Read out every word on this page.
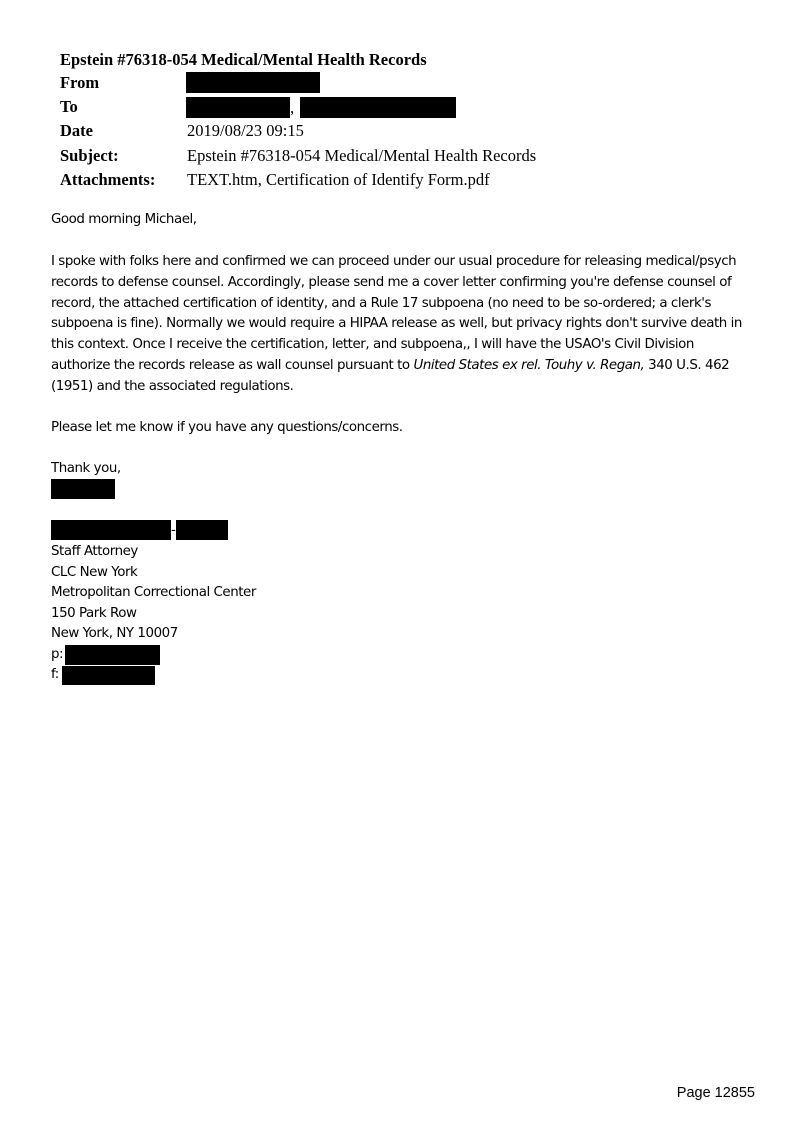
Epstein #76318-054 Medical/Mental Health Records
From
To	,
Date	2019/08/23 09:15
Subject:	Epstein #76318-054 Medical/Mental Health Records
Attachments: TEXT.htm, Certification of Identify Form.pdf
Good morning Michael,
I spoke with folks here and confirmed we can proceed under our usual procedure for releasing medical/psych records to defense counsel. Accordingly, please send me a cover letter confirming you're defense counsel of record, the attached certification of identity, and a Rule 17 subpoena (no need to be so-ordered; a clerk's subpoena is fine). Normally we would require a HIPAA release as well, but privacy rights don't survive death in this context. Once I receive the certification, letter, and subpoena,, I will have the USAO's Civil Division authorize the records release as wall counsel pursuant to United States ex rel. Touhy v. Regan, 340 U.S. 462 (1951) and the associated regulations.
Please let me know if you have any questions/concerns.
Thank you,
-
Staff Attorney
CLC New York
Metropolitan Correctional Center
150 Park Row
New York, NY 10007
p:
f:
Page 12855
